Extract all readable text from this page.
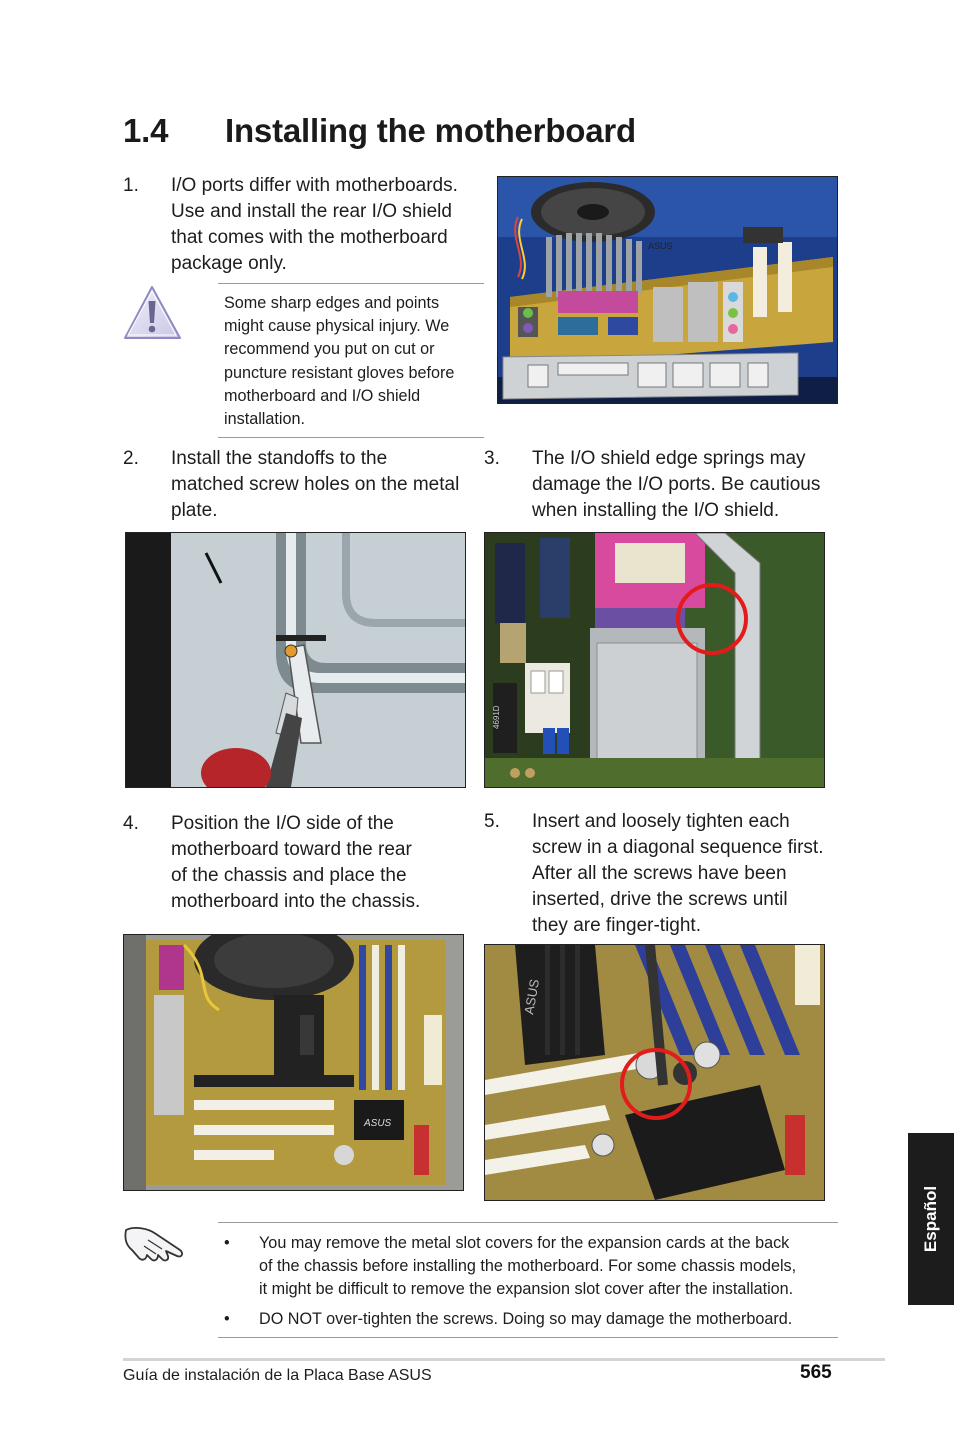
1.4 Installing the motherboard
1. I/O ports differ with motherboards.
Use and install the rear I/O shield
that comes with the motherboard
package only.
Some sharp edges and points
might cause physical injury. We
recommend you put on cut or
puncture resistant gloves before
motherboard and I/O shield
installation.
ASUS
2. Install the standoffs to the
matched screw holes on the metal
plate.
3. The I/O shield edge springs may
damage the I/O ports. Be cautious
when installing the I/O shield.
4691D
4. Position the I/O side of the
motherboard toward the rear
of the chassis and place the
motherboard into the chassis.
5. Insert and loosely tighten each
screw in a diagonal sequence first.
After all the screws have been
inserted, drive the screws until
they are finger-tight.
ASUS
ASUS
• You may remove the metal slot covers for the expansion cards at the back
of the chassis before installing the motherboard. For some chassis models,
it might be difficult to remove the expansion slot cover after the installation.
• DO NOT over-tighten the screws. Doing so may damage the motherboard.
Español
Guía de instalación de la Placa Base ASUS	565
